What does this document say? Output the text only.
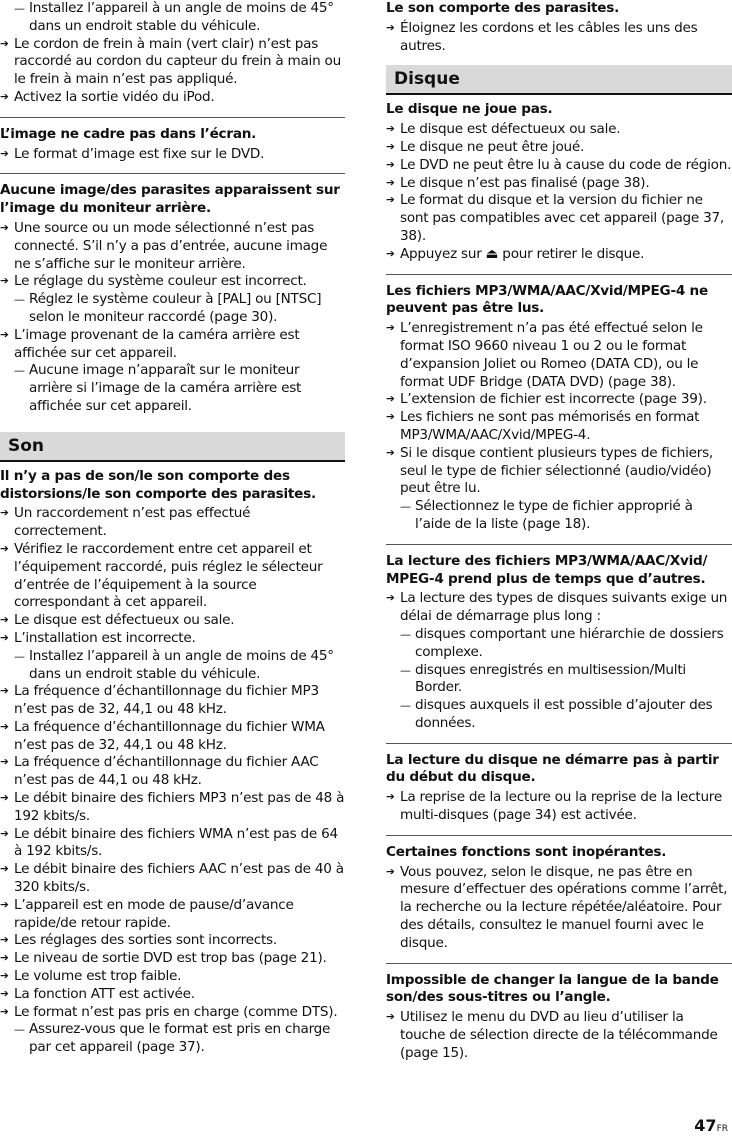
— Installez l’appareil à un angle de moins de 45° dans un endroit stable du véhicule.
➔ Le cordon de frein à main (vert clair) n’est pas raccordé au cordon du capteur du frein à main ou le frein à main n’est pas appliqué.
➔ Activez la sortie vidéo du iPod.
L’image ne cadre pas dans l’écran.
➔ Le format d’image est fixe sur le DVD.
Aucune image/des parasites apparaissent sur l’image du moniteur arrière.
➔ Une source ou un mode sélectionné n’est pas connecté. S’il n’y a pas d’entrée, aucune image ne s’affiche sur le moniteur arrière.
➔ Le réglage du système couleur est incorrect.
— Réglez le système couleur à [PAL] ou [NTSC] selon le moniteur raccordé (page 30).
➔ L’image provenant de la caméra arrière est affichée sur cet appareil.
— Aucune image n’apparaît sur le moniteur arrière si l’image de la caméra arrière est affichée sur cet appareil.
Son
Il n’y a pas de son/le son comporte des distorsions/le son comporte des parasites.
➔ Un raccordement n’est pas effectué correctement.
➔ Vérifiez le raccordement entre cet appareil et l’équipement raccordé, puis réglez le sélecteur d’entrée de l’équipement à la source correspondant à cet appareil.
➔ Le disque est défectueux ou sale.
➔ L’installation est incorrecte.
— Installez l’appareil à un angle de moins de 45° dans un endroit stable du véhicule.
➔ La fréquence d’échantillonnage du fichier MP3 n’est pas de 32, 44,1 ou 48 kHz.
➔ La fréquence d’échantillonnage du fichier WMA n’est pas de 32, 44,1 ou 48 kHz.
➔ La fréquence d’échantillonnage du fichier AAC n’est pas de 44,1 ou 48 kHz.
➔ Le débit binaire des fichiers MP3 n’est pas de 48 à 192 kbits/s.
➔ Le débit binaire des fichiers WMA n’est pas de 64 à 192 kbits/s.
➔ Le débit binaire des fichiers AAC n’est pas de 40 à 320 kbits/s.
➔ L’appareil est en mode de pause/d’avance rapide/de retour rapide.
➔ Les réglages des sorties sont incorrects.
➔ Le niveau de sortie DVD est trop bas (page 21).
➔ Le volume est trop faible.
➔ La fonction ATT est activée.
➔ Le format n’est pas pris en charge (comme DTS).
— Assurez-vous que le format est pris en charge par cet appareil (page 37).
Le son comporte des parasites.
➔ Éloignez les cordons et les câbles les uns des autres.
Disque
Le disque ne joue pas.
➔ Le disque est défectueux ou sale.
➔ Le disque ne peut être joué.
➔ Le DVD ne peut être lu à cause du code de région.
➔ Le disque n’est pas finalisé (page 38).
➔ Le format du disque et la version du fichier ne sont pas compatibles avec cet appareil (page 37, 38).
➔ Appuyez sur ⏏ pour retirer le disque.
Les fichiers MP3/WMA/AAC/Xvid/MPEG-4 ne peuvent pas être lus.
➔ L’enregistrement n’a pas été effectué selon le format ISO 9660 niveau 1 ou 2 ou le format d’expansion Joliet ou Romeo (DATA CD), ou le format UDF Bridge (DATA DVD) (page 38).
➔ L’extension de fichier est incorrecte (page 39).
➔ Les fichiers ne sont pas mémorisés en format MP3/WMA/AAC/Xvid/MPEG-4.
➔ Si le disque contient plusieurs types de fichiers, seul le type de fichier sélectionné (audio/vidéo) peut être lu.
— Sélectionnez le type de fichier approprié à l’aide de la liste (page 18).
La lecture des fichiers MP3/WMA/AAC/Xvid/ MPEG-4 prend plus de temps que d’autres.
➔ La lecture des types de disques suivants exige un délai de démarrage plus long :
— disques comportant une hiérarchie de dossiers complexe.
— disques enregistrés en multisession/Multi Border.
— disques auxquels il est possible d’ajouter des données.
La lecture du disque ne démarre pas à partir du début du disque.
➔ La reprise de la lecture ou la reprise de la lecture multi-disques (page 34) est activée.
Certaines fonctions sont inopérantes.
➔ Vous pouvez, selon le disque, ne pas être en mesure d’effectuer des opérations comme l’arrêt, la recherche ou la lecture répétée/aléatoire. Pour des détails, consultez le manuel fourni avec le disque.
Impossible de changer la langue de la bande son/des sous-titres ou l’angle.
➔ Utilisez le menu du DVD au lieu d’utiliser la touche de sélection directe de la télécommande (page 15).
47FR
